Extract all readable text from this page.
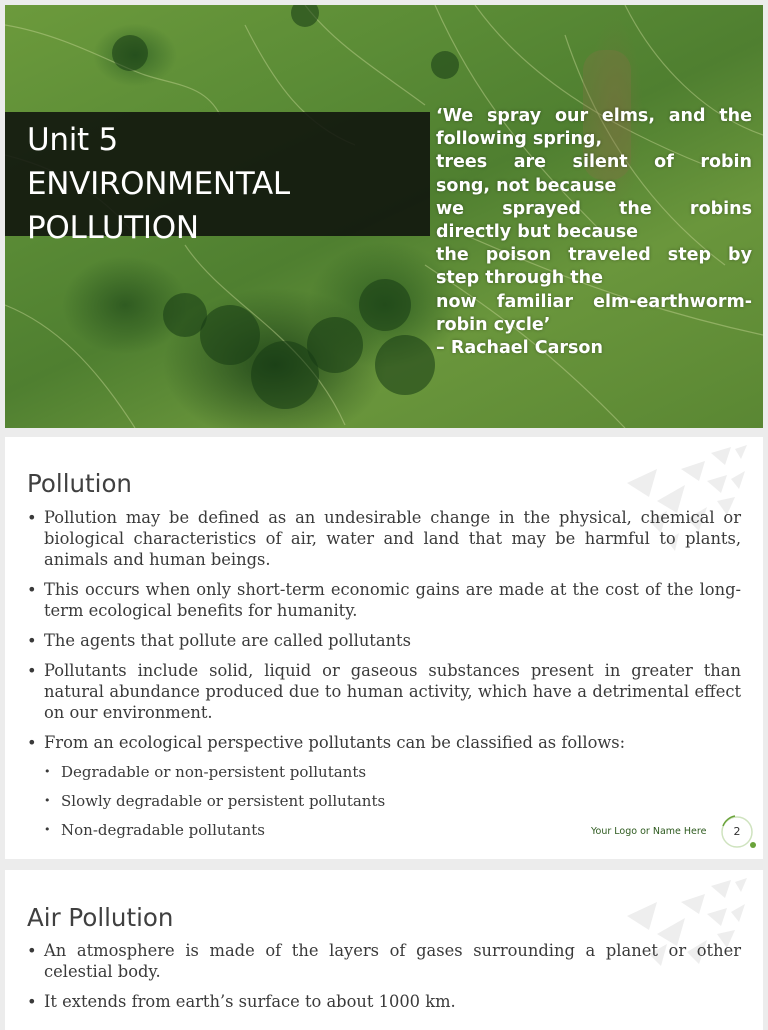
Unit 5
ENVIRONMENTAL
POLLUTION
‘We spray our elms, and the
following spring,
trees are silent of robin
song, not because
we sprayed the robins
directly but because
the poison traveled step by
step through the
now familiar elm-earthworm-
robin cycle’
– Rachael Carson
Pollution
• Pollution may be defined as an undesirable change in the physical, chemical or biological characteristics of air, water and land that may be harmful to plants, animals and human beings.
• This occurs when only short-term economic gains are made at the cost of the long-term ecological benefits for humanity.
• The agents that pollute are called pollutants
• Pollutants include solid, liquid or gaseous substances present in greater than natural abundance produced due to human activity, which have a detrimental effect on our environment.
• From an ecological perspective pollutants can be classified as follows:
• Degradable or non-persistent pollutants
• Slowly degradable or persistent pollutants
• Non-degradable pollutants	Your Logo or Name Here	2
Air Pollution
• An atmosphere is made of the layers of gases surrounding a planet or other celestial body.
• It extends from earth’s surface to about 1000 km.
